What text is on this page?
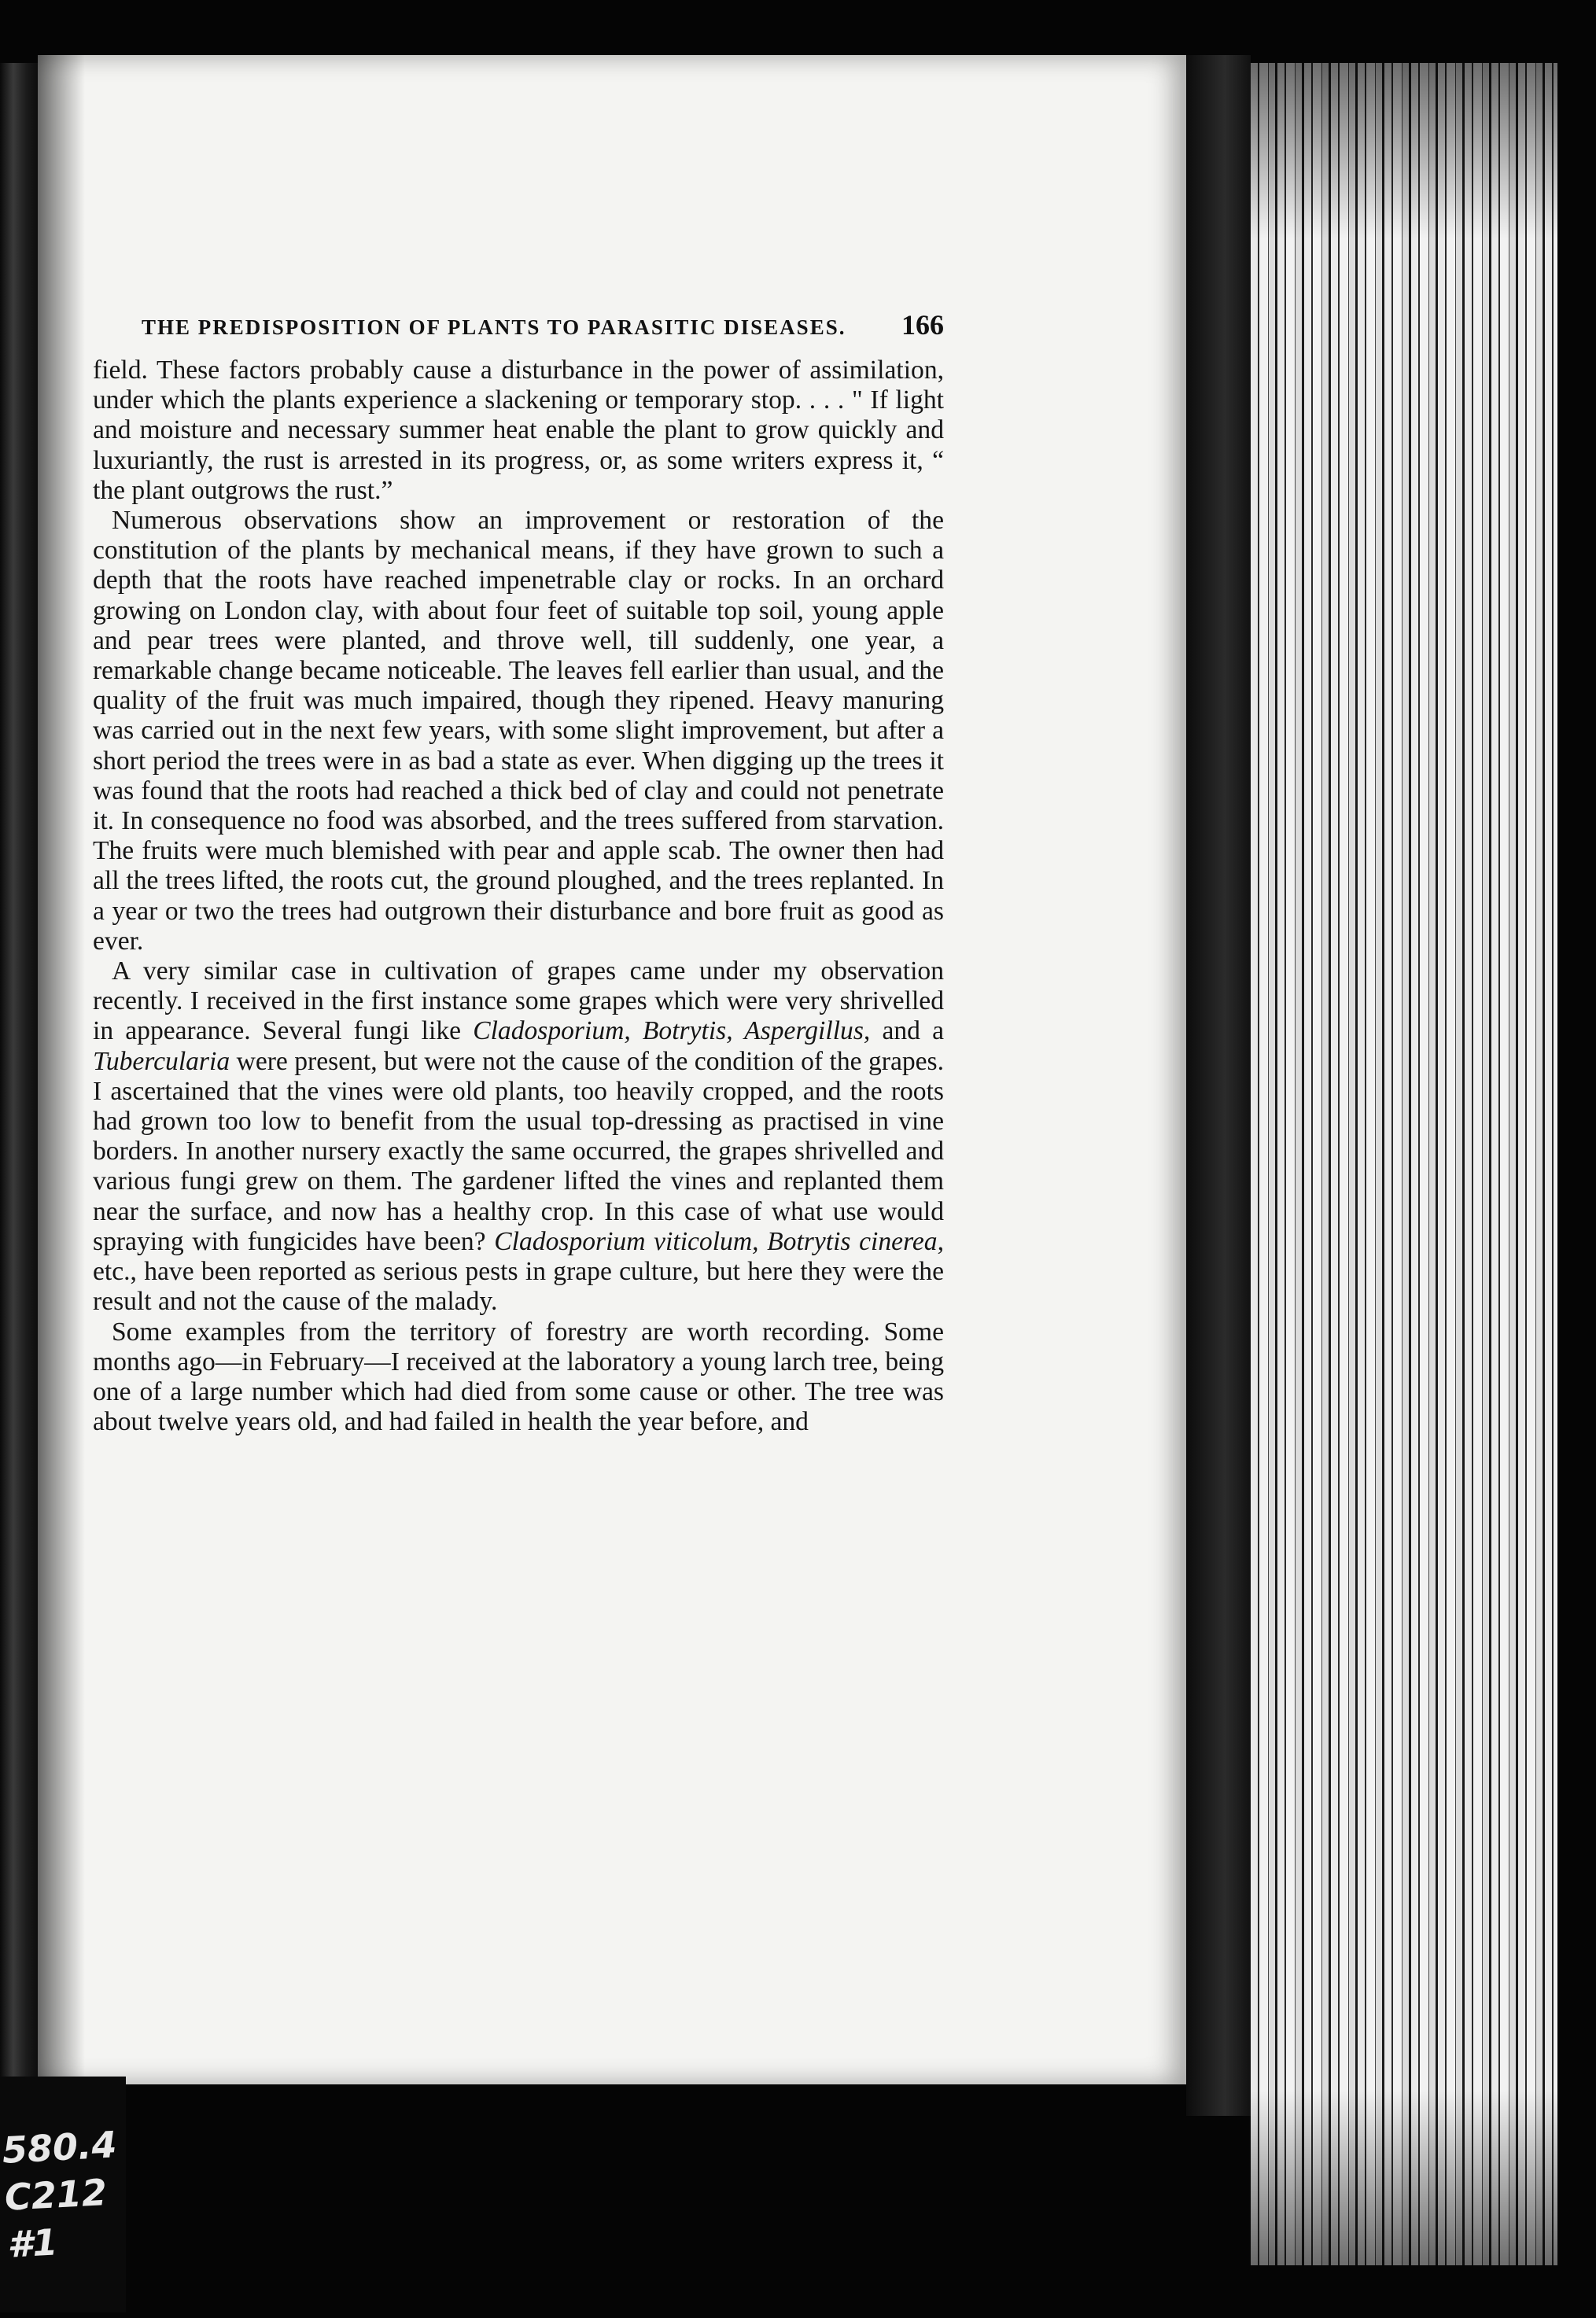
THE PREDISPOSITION OF PLANTS TO PARASITIC DISEASES. 166

field. These factors probably cause a disturbance in the power of assimilation, under which the plants experience a slackening or temporary stop. . . . " If light and moisture and necessary summer heat enable the plant to grow quickly and luxuriantly, the rust is arrested in its progress, or, as some writers express it, “ the plant outgrows the rust.”

Numerous observations show an improvement or restoration of the constitution of the plants by mechanical means, if they have grown to such a depth that the roots have reached impenetrable clay or rocks. In an orchard growing on London clay, with about four feet of suitable top soil, young apple and pear trees were planted, and throve well, till suddenly, one year, a remarkable change became noticeable. The leaves fell earlier than usual, and the quality of the fruit was much impaired, though they ripened. Heavy manuring was carried out in the next few years, with some slight improvement, but after a short period the trees were in as bad a state as ever. When digging up the trees it was found that the roots had reached a thick bed of clay and could not penetrate it. In consequence no food was absorbed, and the trees suffered from starvation. The fruits were much blemished with pear and apple scab. The owner then had all the trees lifted, the roots cut, the ground ploughed, and the trees replanted. In a year or two the trees had outgrown their disturbance and bore fruit as good as ever.

A very similar case in cultivation of grapes came under my observation recently. I received in the first instance some grapes which were very shrivelled in appearance. Several fungi like Cladosporium, Botrytis, Aspergillus, and a Tubercularia were present, but were not the cause of the condition of the grapes. I ascertained that the vines were old plants, too heavily cropped, and the roots had grown too low to benefit from the usual top-dressing as practised in vine borders. In another nursery exactly the same occurred, the grapes shrivelled and various fungi grew on them. The gardener lifted the vines and replanted them near the surface, and now has a healthy crop. In this case of what use would spraying with fungicides have been? Cladosporium viticolum, Botrytis cinerea, etc., have been reported as serious pests in grape culture, but here they were the result and not the cause of the malady.

Some examples from the territory of forestry are worth recording. Some months ago—in February—I received at the laboratory a young larch tree, being one of a large number which had died from some cause or other. The tree was about twelve years old, and had failed in health the year before, and

580.4
C212
#1
